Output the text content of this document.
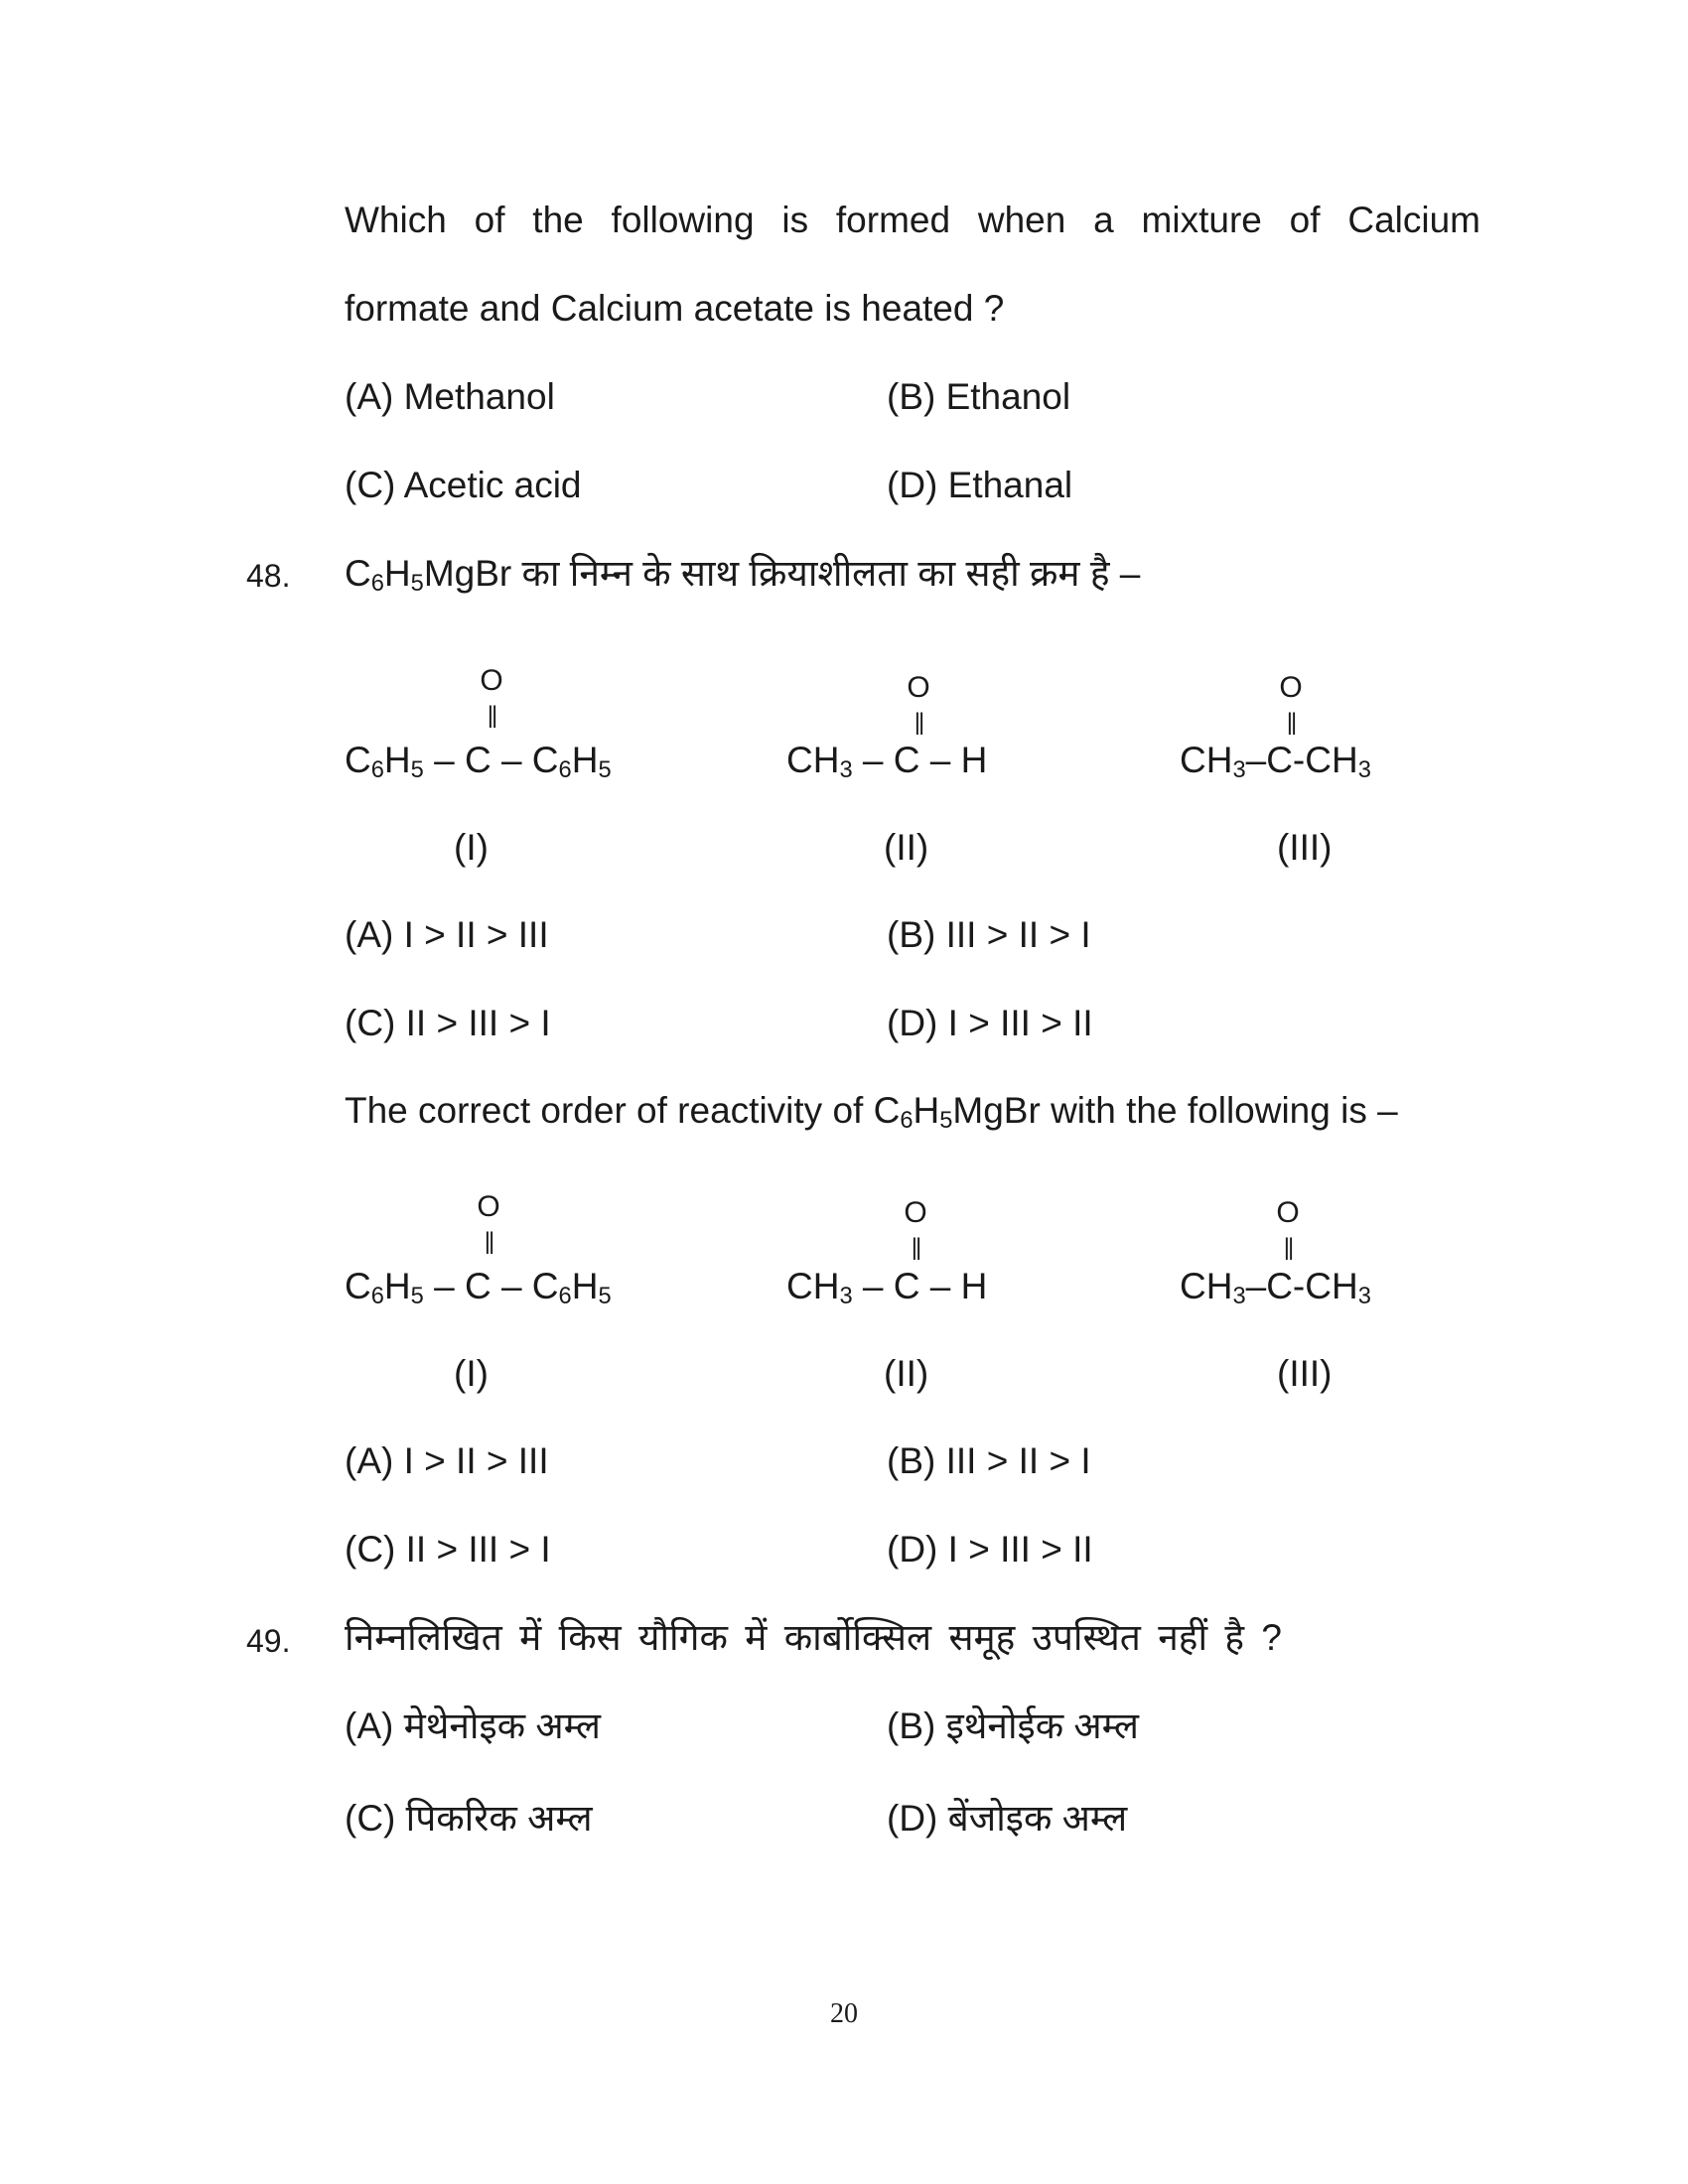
Which of the following is formed when a mixture of Calcium
formate and Calcium acetate is heated ?
(A) Methanol	(B) Ethanol
(C) Acetic acid	(D) Ethanal
48. $C_6H_5MgBr$ का निम्न के साथ क्रियाशीलता का सही क्रम है –
O
||
$C_6H_5$ – C – $C_6H_5$
O
||
$CH_3$ – C – H
O
||
$CH_3-C-CH_3$
(I)	(II)	(III)
(A) I > II > III	(B) III > II > I
(C) II > III > I	(D) I > III > II
The correct order of reactivity of $C_6H_5MgBr$ with the following is –
O
||
$C_6H_5$ – C – $C_6H_5$
O
||
$CH_3$ – C – H
O
||
$CH_3-C-CH_3$
(I)	(II)	(III)
(A) I > II > III	(B) III > II > I
(C) II > III > I	(D) I > III > II
49. निम्नलिखित में किस यौगिक में कार्बोक्सिल समूह उपस्थित नहीं है ?
(A) मेथेनोइक अम्ल	(B) इथेनोईक अम्ल
(C) पिकरिक अम्ल	(D) बेंजोइक अम्ल
20
